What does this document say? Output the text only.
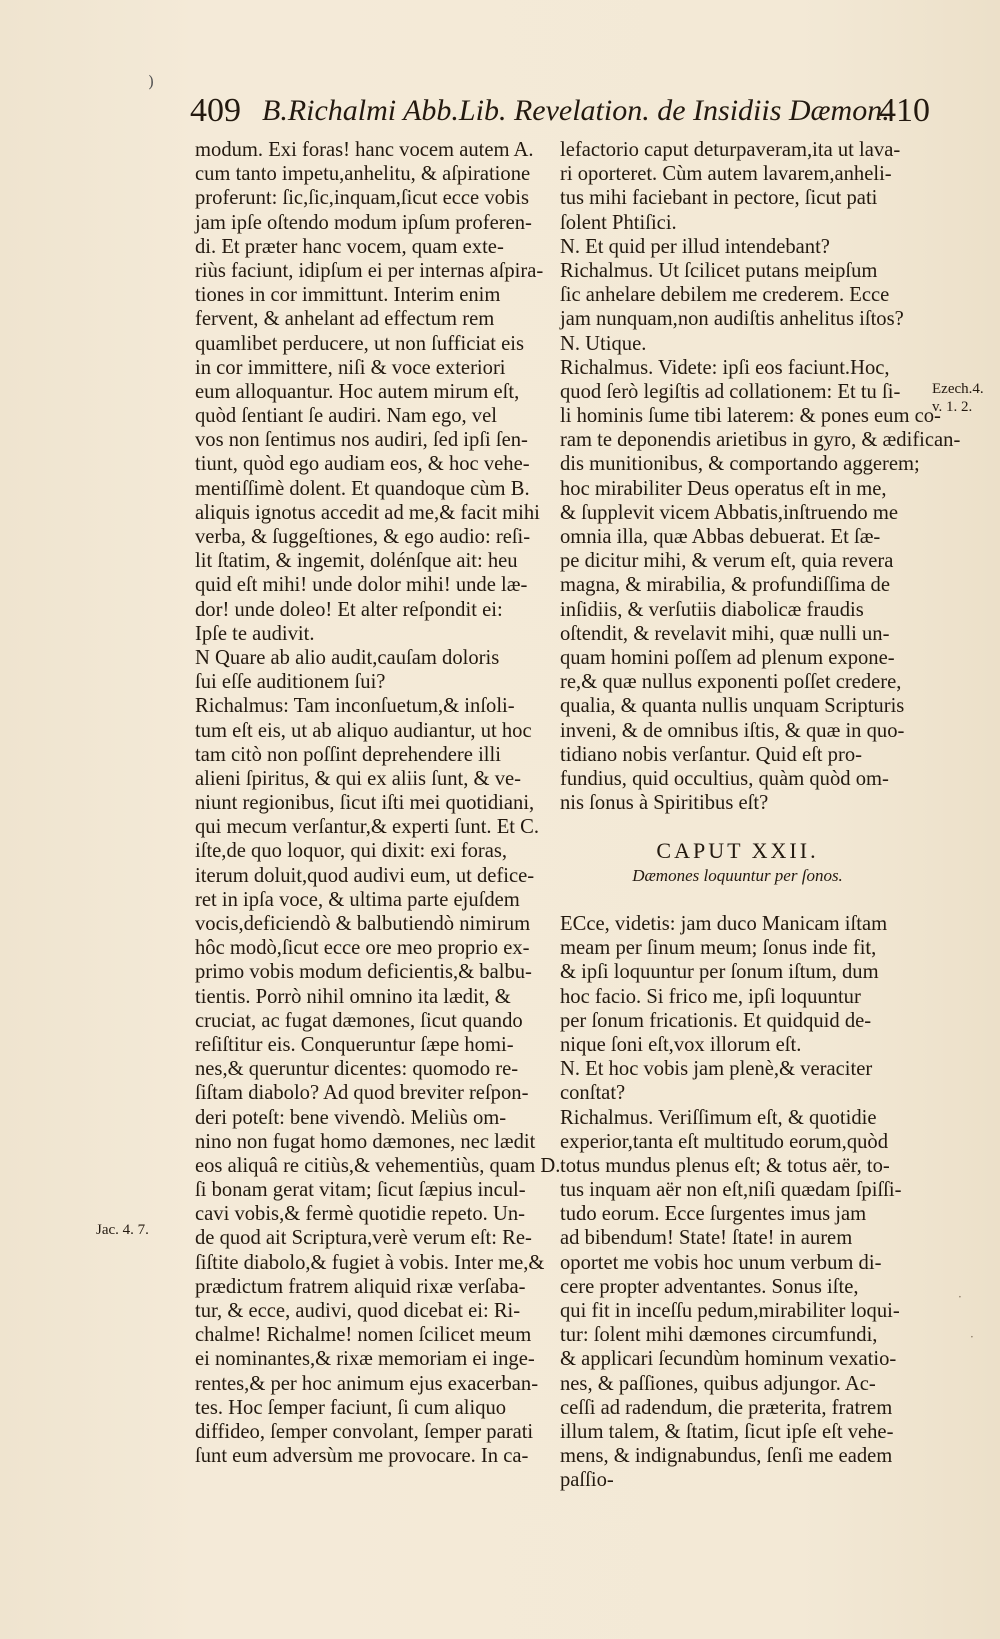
)
409 B.Richalmi Abb.Lib. Revelation. de Insidiis Dæmon.
410
modum. Exi foras! hanc vocem autem A.
cum tanto impetu,anhelitu, & aſpiratione
proferunt: ſic,ſic,inquam,ſicut ecce vobis
jam ipſe oſtendo modum ipſum proferen-
di. Et præter hanc vocem, quam exte-
riùs faciunt, idipſum ei per internas aſpira-
tiones in cor immittunt. Interim enim
fervent, & anhelant ad effectum rem
quamlibet perducere, ut non ſufficiat eis
in cor immittere, niſi & voce exteriori
eum alloquantur. Hoc autem mirum eſt,
quòd ſentiant ſe audiri. Nam ego, vel
vos non ſentimus nos audiri, ſed ipſi ſen-
tiunt, quòd ego audiam eos, & hoc vehe-
mentiſſimè dolent. Et quandoque cùm B.
aliquis ignotus accedit ad me,& facit mihi
verba, & ſuggeſtiones, & ego audio: reſi-
lit ſtatim, & ingemit, dolénſque ait: heu
quid eſt mihi! unde dolor mihi! unde læ-
dor! unde doleo! Et alter reſpondit ei:
Ipſe te audivit.
N Quare ab alio audit,cauſam doloris
ſui eſſe auditionem ſui?
Richalmus: Tam inconſuetum,& inſoli-
tum eſt eis, ut ab aliquo audiantur, ut hoc
tam citò non poſſint deprehendere illi
alieni ſpiritus, & qui ex aliis ſunt, & ve-
niunt regionibus, ſicut iſti mei quotidiani,
qui mecum verſantur,& experti ſunt. Et C.
iſte,de quo loquor, qui dixit: exi foras,
iterum doluit,quod audivi eum, ut defice-
ret in ipſa voce, & ultima parte ejuſdem
vocis,deficiendò & balbutiendò nimirum
hôc modò,ſicut ecce ore meo proprio ex-
primo vobis modum deficientis,& balbu-
tientis. Porrò nihil omnino ita lædit, &
cruciat, ac fugat dæmones, ſicut quando
reſiſtitur eis. Conqueruntur ſæpe homi-
nes,& queruntur dicentes: quomodo re-
ſiſtam diabolo? Ad quod breviter reſpon-
deri poteſt: bene vivendò. Meliùs om-
nino non fugat homo dæmones, nec lædit
eos aliquâ re citiùs,& vehementiùs, quam D.
ſi bonam gerat vitam; ſicut ſæpius incul-
cavi vobis,& fermè quotidie repeto. Un-
de quod ait Scriptura,verè verum eſt: Re-
ſiſtite diabolo,& fugiet à vobis. Inter me,&
prædictum fratrem aliquid rixæ verſaba-
tur, & ecce, audivi, quod dicebat ei: Ri-
chalme! Richalme! nomen ſcilicet meum
ei nominantes,& rixæ memoriam ei inge-
rentes,& per hoc animum ejus exacerban-
tes. Hoc ſemper faciunt, ſi cum aliquo
diffideo, ſemper convolant, ſemper parati
ſunt eum adversùm me provocare. In ca-
lefactorio caput deturpaveram,ita ut lava-
ri oporteret. Cùm autem lavarem,anheli-
tus mihi faciebant in pectore, ſicut pati
ſolent Phtiſici.
N. Et quid per illud intendebant?
Richalmus. Ut ſcilicet putans meipſum
ſic anhelare debilem me crederem. Ecce
jam nunquam,non audiſtis anhelitus iſtos?
N. Utique.
Richalmus. Videte: ipſi eos faciunt.Hoc,
quod ſerò legiſtis ad collationem: Et tu ſi-
li hominis ſume tibi laterem: & pones eum co-
ram te deponendis arietibus in gyro, & ædifican-
dis munitionibus, & comportando aggerem;
hoc mirabiliter Deus operatus eſt in me,
& ſupplevit vicem Abbatis,inſtruendo me
omnia illa, quæ Abbas debuerat. Et ſæ-
pe dicitur mihi, & verum eſt, quia revera
magna, & mirabilia, & profundiſſima de
inſidiis, & verſutiis diabolicæ fraudis
oſtendit, & revelavit mihi, quæ nulli un-
quam homini poſſem ad plenum expone-
re,& quæ nullus exponenti poſſet credere,
qualia, & quanta nullis unquam Scripturis
inveni, & de omnibus iſtis, & quæ in quo-
tidiano nobis verſantur. Quid eſt pro-
fundius, quid occultius, quàm quòd om-
nis ſonus à Spiritibus eſt?
CAPUT XXII.
Dæmones loquuntur per ſonos.
ECce, videtis: jam duco Manicam iſtam
meam per ſinum meum; ſonus inde fit,
& ipſi loquuntur per ſonum iſtum, dum
hoc facio. Si frico me, ipſi loquuntur
per ſonum fricationis. Et quidquid de-
nique ſoni eſt,vox illorum eſt.
N. Et hoc vobis jam plenè,& veraciter
conſtat?
Richalmus. Veriſſimum eſt, & quotidie
experior,tanta eſt multitudo eorum,quòd
totus mundus plenus eſt; & totus aër, to-
tus inquam aër non eſt,niſi quædam ſpiſſi-
tudo eorum. Ecce ſurgentes imus jam
ad bibendum! State! ſtate! in aurem
oportet me vobis hoc unum verbum di-
cere propter adventantes. Sonus iſte,
qui fit in inceſſu pedum,mirabiliter loqui-
tur: ſolent mihi dæmones circumfundi,
& applicari ſecundùm hominum vexatio-
nes, & paſſiones, quibus adjungor. Ac-
ceſſi ad radendum, die præterita, fratrem
illum talem, & ſtatim, ſicut ipſe eſt vehe-
mens, & indignabundus, ſenſi me eadem
paſſio-
Ezech.4.
v. 1. 2.
Jac. 4. 7.
·
·
